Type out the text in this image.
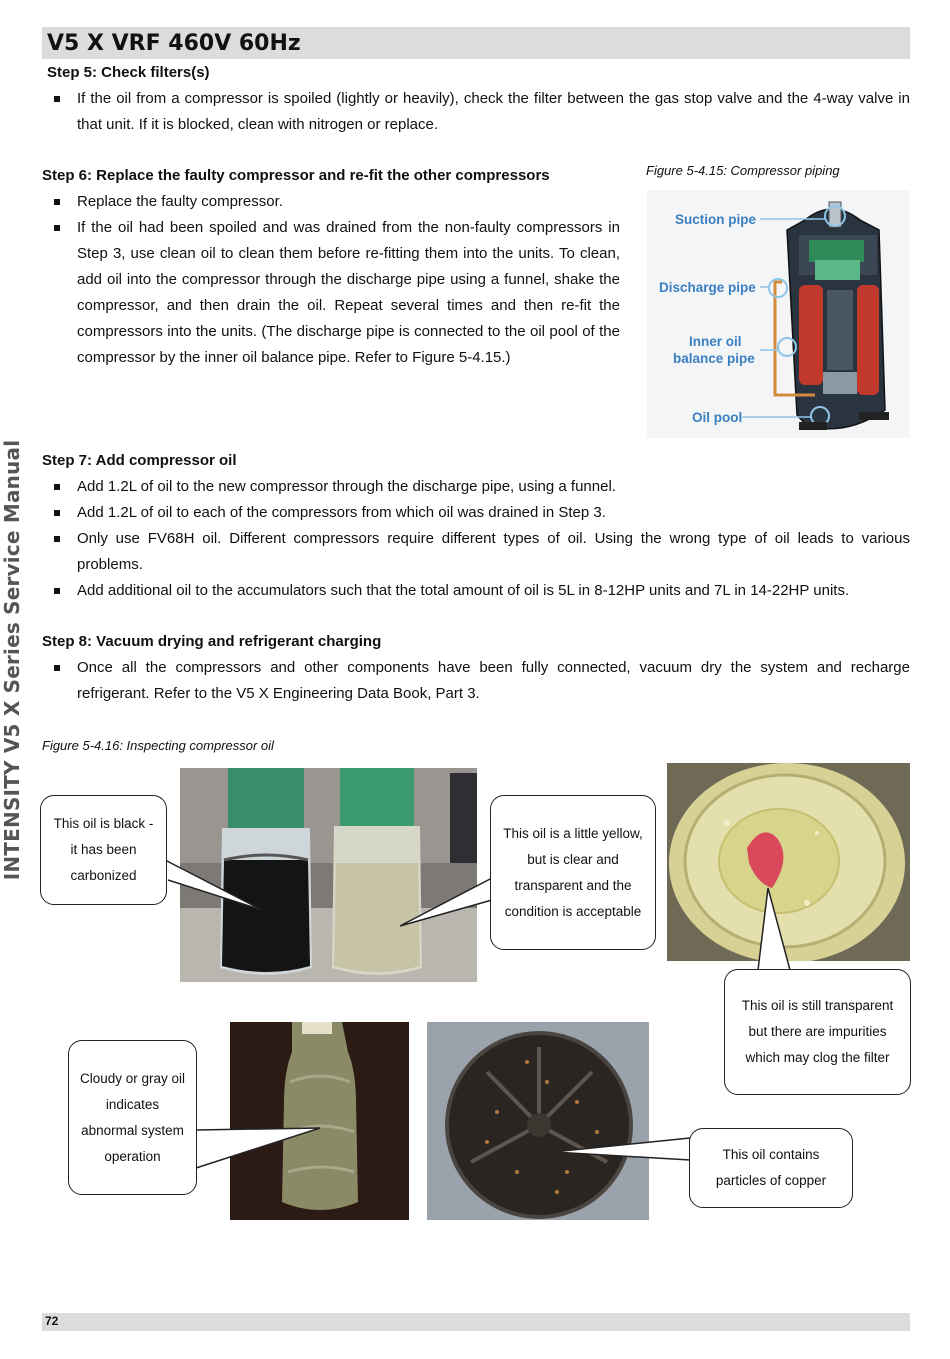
V5 X VRF 460V 60Hz
INTENSITY V5 X Series Service Manual
Step 5: Check filters(s)
If the oil from a compressor is spoiled (lightly or heavily), check the filter between the gas stop valve and the 4-way valve in that unit. If it is blocked, clean with nitrogen or replace.
Step 6: Replace the faulty compressor and re-fit the other compressors
Replace the faulty compressor.
If the oil had been spoiled and was drained from the non-faulty compressors in Step 3, use clean oil to clean them before re-fitting them into the units. To clean, add oil into the compressor through the discharge pipe using a funnel, shake the compressor, and then drain the oil. Repeat several times and then re-fit the compressors into the units. (The discharge pipe is connected to the oil pool of the compressor by the inner oil balance pipe. Refer to Figure 5-4.15.)
Figure 5-4.15: Compressor piping
Suction pipe
Discharge pipe
Inner oil
balance pipe
Oil pool
Step 7: Add compressor oil
Add 1.2L of oil to the new compressor through the discharge pipe, using a funnel.
Add 1.2L of oil to each of the compressors from which oil was drained in Step 3.
Only use FV68H oil. Different compressors require different types of oil. Using the wrong type of oil leads to various problems.
Add additional oil to the accumulators such that the total amount of oil is 5L in 8-12HP units and 7L in 14-22HP units.
Step 8: Vacuum drying and refrigerant charging
Once all the compressors and other components have been fully connected, vacuum dry the system and recharge refrigerant. Refer to the V5 X Engineering Data Book, Part 3.
Figure 5-4.16: Inspecting compressor oil
This oil is black - it has been carbonized
This oil is a little yellow, but is clear and transparent and the condition is acceptable
This oil is still transparent but there are impurities which may clog the filter
Cloudy or gray oil indicates abnormal system operation	This oil contains particles of copper
72
